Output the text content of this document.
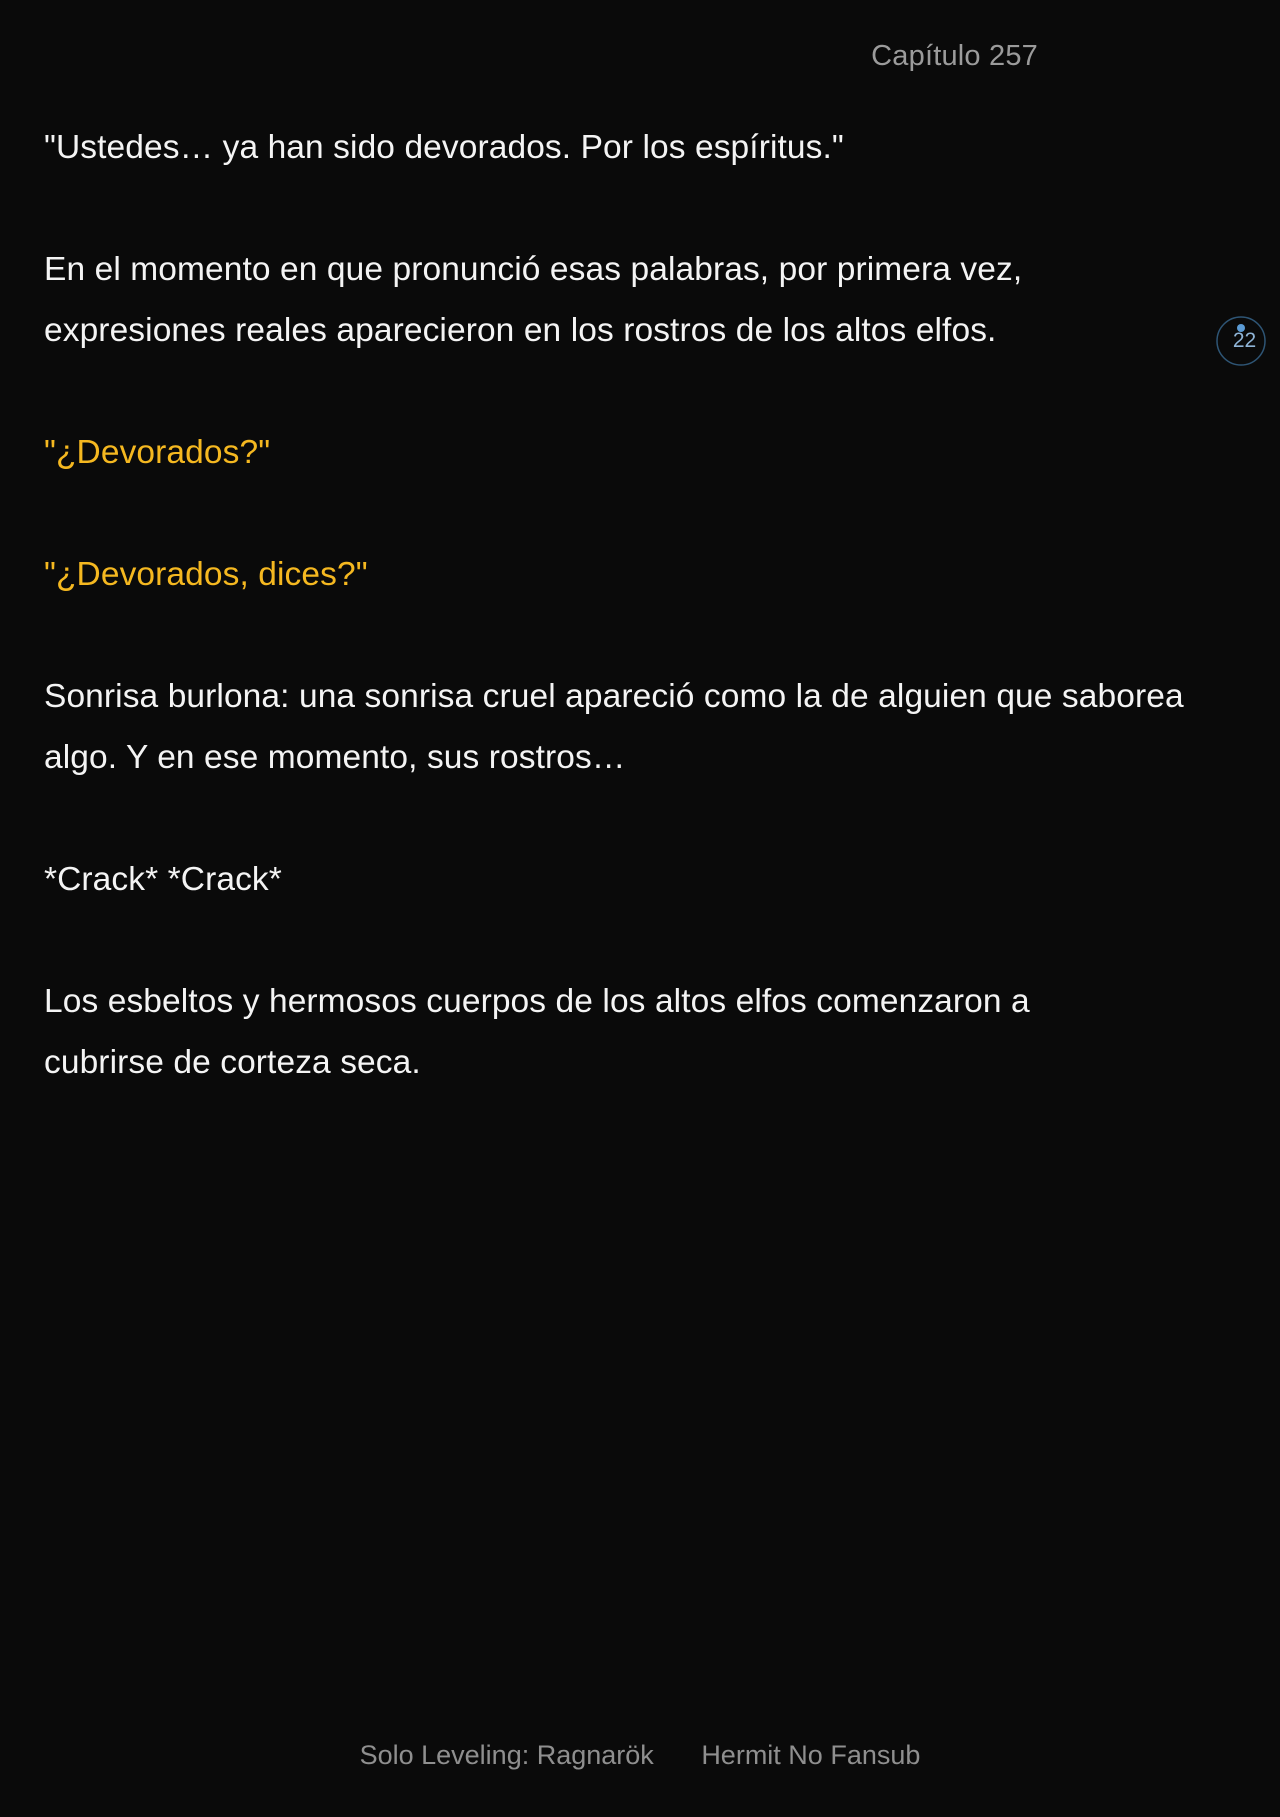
Capítulo 257

"Ustedes… ya han sido devorados. Por los espíritus."

En el momento en que pronunció esas palabras, por primera vez, expresiones reales aparecieron en los rostros de los altos elfos.

"¿Devorados?"

"¿Devorados, dices?"

Sonrisa burlona: una sonrisa cruel apareció como la de alguien que saborea algo. Y en ese momento, sus rostros…

*Crack* *Crack*

Los esbeltos y hermosos cuerpos de los altos elfos comenzaron a cubrirse de corteza seca.

22
Solo Leveling: Ragnarök Hermit No Fansub
